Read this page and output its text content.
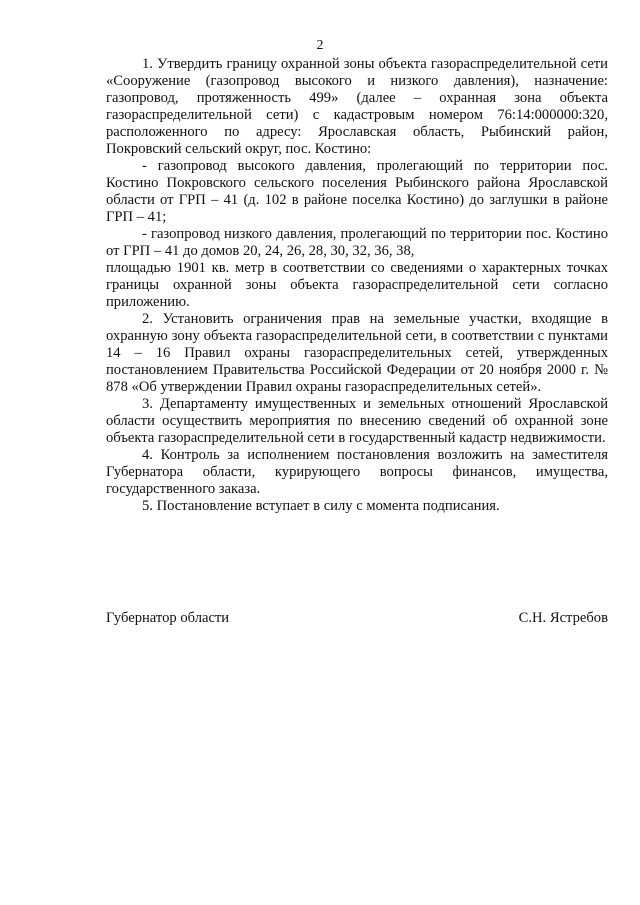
2

1. Утвердить границу охранной зоны объекта газораспределительной сети «Сооружение (газопровод высокого и низкого давления), назначение: газопровод, протяженность 499» (далее – охранная зона объекта газораспределительной сети) с кадастровым номером 76:14:000000:320, расположенного по адресу: Ярославская область, Рыбинский район, Покровский сельский округ, пос. Костино:

- газопровод высокого давления, пролегающий по территории пос. Костино Покровского сельского поселения Рыбинского района Ярославской области от ГРП – 41 (д. 102 в районе поселка Костино) до заглушки в районе ГРП – 41;

- газопровод низкого давления, пролегающий по территории пос. Костино от ГРП – 41 до домов 20, 24, 26, 28, 30, 32, 36, 38,

площадью 1901 кв. метр в соответствии со сведениями о характерных точках границы охранной зоны объекта газораспределительной сети согласно приложению.

2. Установить ограничения прав на земельные участки, входящие в охранную зону объекта газораспределительной сети, в соответствии с пунктами 14 – 16 Правил охраны газораспределительных сетей, утвержденных постановлением Правительства Российской Федерации от 20 ноября 2000 г. № 878 «Об утверждении Правил охраны газораспределительных сетей».

3. Департаменту имущественных и земельных отношений Ярославской области осуществить мероприятия по внесению сведений об охранной зоне объекта газораспределительной сети в государственный кадастр недвижимости.

4. Контроль за исполнением постановления возложить на заместителя Губернатора области, курирующего вопросы финансов, имущества, государственного заказа.

5. Постановление вступает в силу с момента подписания.

Губернатор области	С.Н. Ястребов
